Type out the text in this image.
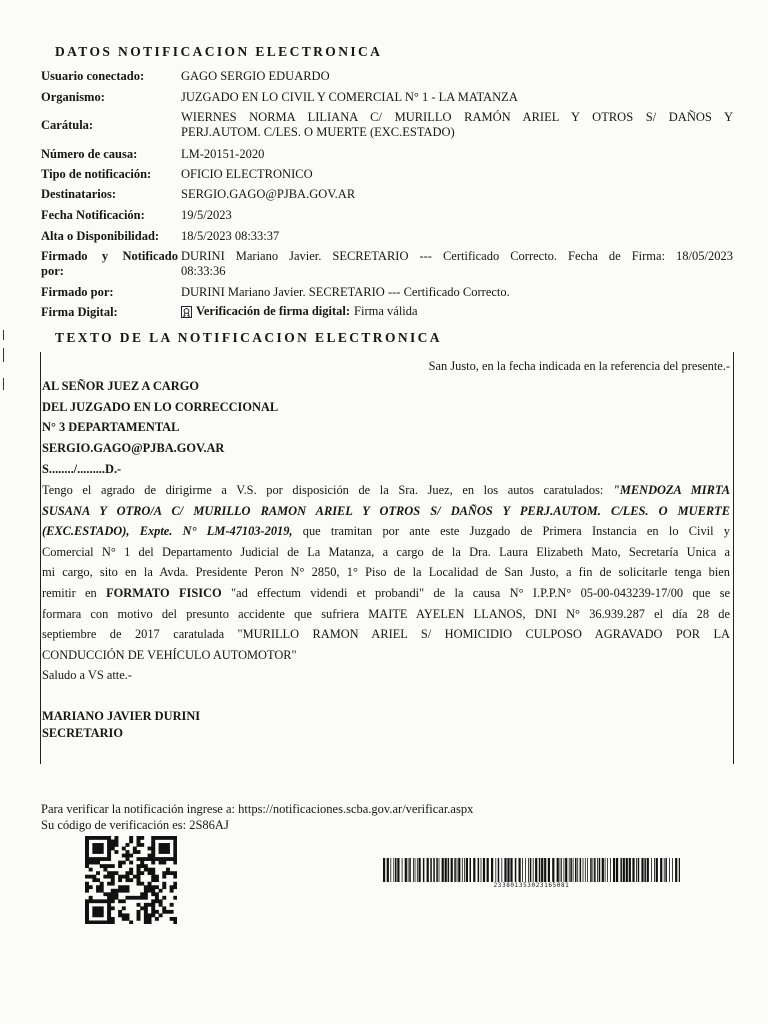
DATOS NOTIFICACION ELECTRONICA
Usuario conectado:	GAGO SERGIO EDUARDO
Organismo:	JUZGADO EN LO CIVIL Y COMERCIAL N° 1 - LA MATANZA
Carátula:
WIERNES NORMA LILIANA C/ MURILLO RAMÓN ARIEL Y OTROS S/ DAÑOS Y
PERJ.AUTOM. C/LES. O MUERTE (EXC.ESTADO)
Número de causa:	LM-20151-2020
Tipo de notificación: OFICIO ELECTRONICO
Destinatarios:	SERGIO.GAGO@PJBA.GOV.AR
Fecha Notificación:	19/5/2023
Alta o Disponibilidad: 18/5/2023 08:33:37
Firmado y Notificado
por:
DURINI Mariano Javier. SECRETARIO --- Certificado Correcto. Fecha de Firma: 18/05/2023
08:33:36
Firmado por:	DURINI Mariano Javier. SECRETARIO --- Certificado Correcto.
Firma Digital:	Verificación de firma digital: Firma válida
TEXTO DE LA NOTIFICACION ELECTRONICA
San Justo, en la fecha indicada en la referencia del presente.-
AL SEÑOR JUEZ A CARGO
DEL JUZGADO EN LO CORRECCIONAL
N° 3 DEPARTAMENTAL
SERGIO.GAGO@PJBA.GOV.AR
S......../.........D.-
Tengo el agrado de dirigirme a V.S. por disposición de la Sra. Juez, en los autos caratulados: "MENDOZA MIRTA
SUSANA Y OTRO/A C/ MURILLO RAMON ARIEL Y OTROS S/ DAÑOS Y PERJ.AUTOM. C/LES. O MUERTE
(EXC.ESTADO), Expte. N° LM-47103-2019, que tramitan por ante este Juzgado de Primera Instancia en lo Civil y
Comercial N° 1 del Departamento Judicial de La Matanza, a cargo de la Dra. Laura Elizabeth Mato, Secretaría Unica a
mi cargo, sito en la Avda. Presidente Peron N° 2850, 1° Piso de la Localidad de San Justo, a fin de solicitarle tenga bien
remitir en FORMATO FISICO "ad effectum videndi et probandi" de la causa N° I.P.P.N° 05-00-043239-17/00 que se
formara con motivo del presunto accidente que sufriera MAITE AYELEN LLANOS, DNI N° 36.939.287 el día 28 de
septiembre de 2017 caratulada "MURILLO RAMON ARIEL S/ HOMICIDIO CULPOSO AGRAVADO POR LA
CONDUCCIÓN DE VEHÍCULO AUTOMOTOR"
Saludo a VS atte.-
MARIANO JAVIER DURINI
SECRETARIO
Para verificar la notificación ingrese a: https://notificaciones.scba.gov.ar/verificar.aspx
Su código de verificación es: 2S86AJ
233801353023165081
